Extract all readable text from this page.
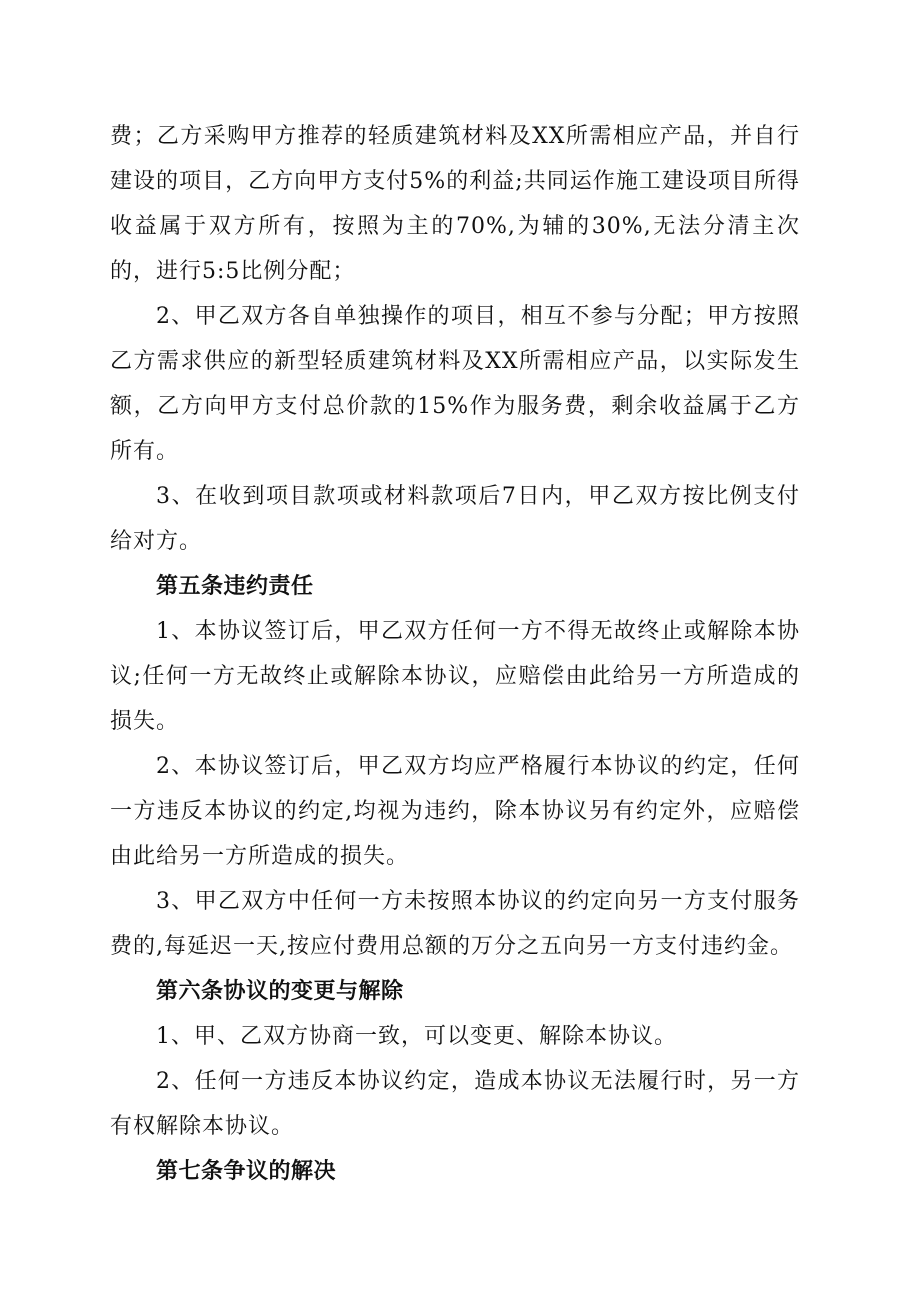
费；乙方采购甲方推荐的轻质建筑材料及XX所需相应产品，并自行建设的项目，乙方向甲方支付5%的利益;共同运作施工建设项目所得收益属于双方所有，按照为主的70%,为辅的30%,无法分清主次的，进行5:5比例分配；

2、甲乙双方各自单独操作的项目，相互不参与分配；甲方按照乙方需求供应的新型轻质建筑材料及XX所需相应产品，以实际发生额，乙方向甲方支付总价款的15%作为服务费，剩余收益属于乙方所有。

3、在收到项目款项或材料款项后7日内，甲乙双方按比例支付给对方。

第五条违约责任

1、本协议签订后，甲乙双方任何一方不得无故终止或解除本协议;任何一方无故终止或解除本协议，应赔偿由此给另一方所造成的损失。

2、本协议签订后，甲乙双方均应严格履行本协议的约定，任何一方违反本协议的约定,均视为违约，除本协议另有约定外，应赔偿由此给另一方所造成的损失。

3、甲乙双方中任何一方未按照本协议的约定向另一方支付服务费的,每延迟一天,按应付费用总额的万分之五向另一方支付违约金。

第六条协议的变更与解除

1、甲、乙双方协商一致，可以变更、解除本协议。

2、任何一方违反本协议约定，造成本协议无法履行时，另一方有权解除本协议。

第七条争议的解决
